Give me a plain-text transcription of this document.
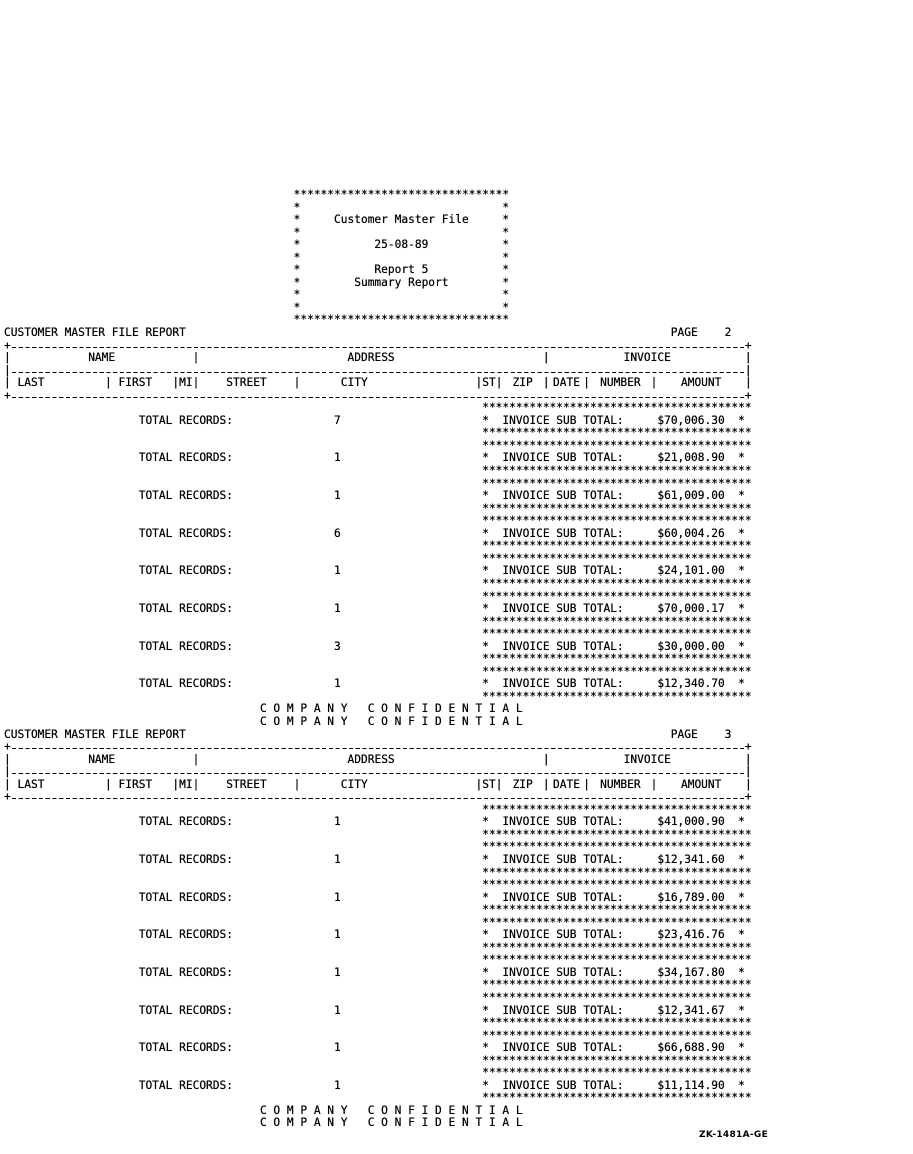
********************************
*	*
*	Customer Master File	*
*	*
*	25-08-89	*
*	*
*	Report 5	*
*	Summary Report	*
*	*
*	*
********************************
CUSTOMER MASTER FILE REPORT	PAGE	2
+	+
|	NAME	|	ADDRESS	|	INVOICE	|
|	|
| LAST	| FIRST	| MI |	STREET	|	CITY	| ST | ZIP | DATE | NUMBER |	AMOUNT	|
+	+
****************************************
TOTAL RECORDS:	7	* INVOICE SUB TOTAL:	$70,006.30 *
****************************************
****************************************
TOTAL RECORDS:	1	* INVOICE SUB TOTAL:	$21,008.90 *
****************************************
****************************************
TOTAL RECORDS:	1	* INVOICE SUB TOTAL:	$61,009.00 *
****************************************
****************************************
TOTAL RECORDS:	6	* INVOICE SUB TOTAL:	$60,004.26 *
****************************************
****************************************
TOTAL RECORDS:	1	* INVOICE SUB TOTAL:	$24,101.00 *
****************************************
****************************************
TOTAL RECORDS:	1	* INVOICE SUB TOTAL:	$70,000.17 *
****************************************
****************************************
TOTAL RECORDS:	3	* INVOICE SUB TOTAL:	$30,000.00 *
****************************************
****************************************
TOTAL RECORDS:	1	* INVOICE SUB TOTAL:	$12,340.70 *
****************************************
C O M P A N Y   C O N F I D E N T I A L
C O M P A N Y   C O N F I D E N T I A L
CUSTOMER MASTER FILE REPORT	PAGE	3
+	+
|	NAME	|	ADDRESS	|	INVOICE	|
|	|
| LAST	| FIRST	| MI |	STREET	|	CITY	| ST | ZIP | DATE | NUMBER |	AMOUNT	|
+	+
****************************************
TOTAL RECORDS:	1	* INVOICE SUB TOTAL:	$41,000.90 *
****************************************
****************************************
TOTAL RECORDS:	1	* INVOICE SUB TOTAL:	$12,341.60 *
****************************************
****************************************
TOTAL RECORDS:	1	* INVOICE SUB TOTAL:	$16,789.00 *
****************************************
****************************************
TOTAL RECORDS:	1	* INVOICE SUB TOTAL:	$23,416.76 *
****************************************
****************************************
TOTAL RECORDS:	1	* INVOICE SUB TOTAL:	$34,167.80 *
****************************************
****************************************
TOTAL RECORDS:	1	* INVOICE SUB TOTAL:	$12,341.67 *
****************************************
****************************************
TOTAL RECORDS:	1	* INVOICE SUB TOTAL:	$66,688.90 *
****************************************
****************************************
TOTAL RECORDS:	1	* INVOICE SUB TOTAL:	$11,114.90 *
****************************************
C O M P A N Y   C O N F I D E N T I A L
C O M P A N Y   C O N F I D E N T I A L
ZK-1481A-GE
